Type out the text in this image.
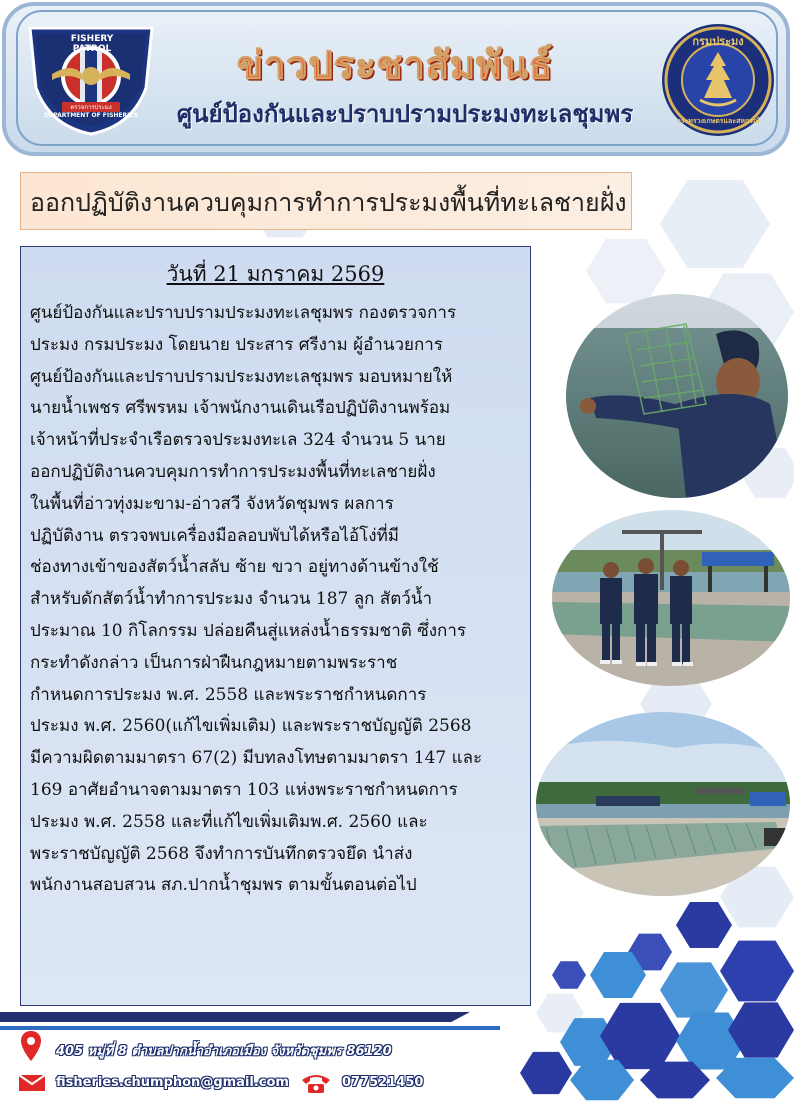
FISHERY PATROL
ตรวจการประมง
DEPARTMENT OF FISHERIES
ข่าวประชาสัมพันธ์
ศูนย์ป้องกันและปราบปรามประมงทะเลชุมพร
กรมประมง
กระทรวงเกษตรและสหกรณ์
ออกปฏิบัติงานควบคุมการทำการประมงพื้นที่ทะเลชายฝั่ง
วันที่ 21 มกราคม 2569
ศูนย์ป้องกันและปราบปรามประมงทะเลชุมพร กองตรวจการ
ประมง กรมประมง โดยนาย ประสาร ศรีงาม ผู้อำนวยการ
ศูนย์ป้องกันและปราบปรามประมงทะเลชุมพร มอบหมายให้
นายน้ำเพชร ศรีพรหม เจ้าพนักงานเดินเรือปฏิบัติงานพร้อม
เจ้าหน้าที่ประจำเรือตรวจประมงทะเล 324 จำนวน 5 นาย
ออกปฏิบัติงานควบคุมการทำการประมงพื้นที่ทะเลชายฝั่ง
ในพื้นที่อ่าวทุ่งมะขาม-อ่าวสวี จังหวัดชุมพร ผลการ
ปฏิบัติงาน ตรวจพบเครื่องมือลอบพับได้หรือไอ้โง่ที่มี
ช่องทางเข้าของสัตว์น้ำสลับ ซ้าย ขวา อยู่ทางด้านข้างใช้
สำหรับดักสัตว์น้ำทำการประมง จำนวน 187 ลูก สัตว์น้ำ
ประมาณ 10 กิโลกรรม ปล่อยคืนสู่แหล่งน้ำธรรมชาติ ซึ่งการ
กระทำดังกล่าว เป็นการฝ่าฝืนกฎหมายตามพระราช
กำหนดการประมง พ.ศ. 2558 และพระราชกำหนดการ
ประมง พ.ศ. 2560(แก้ไขเพิ่มเติม) และพระราชบัญญัติ 2568
มีความผิดตามมาตรา 67(2) มีบทลงโทษตามมาตรา 147 และ
169 อาศัยอำนาจตามมาตรา 103 แห่งพระราชกำหนดการ
ประมง พ.ศ. 2558 และที่แก้ไขเพิ่มเติมพ.ศ. 2560 และ
พระราชบัญญัติ 2568 จึงทำการบันทึกตรวจยึด นำส่ง
พนักงานสอบสวน สภ.ปากน้ำชุมพร ตามขั้นตอนต่อไป
405 หมู่ที่ 8 ตำบลปากน้ำอำเภอเมือง จังหวัดชุมพร 86120
fisheries.chumphon@gmail.com	077521450
